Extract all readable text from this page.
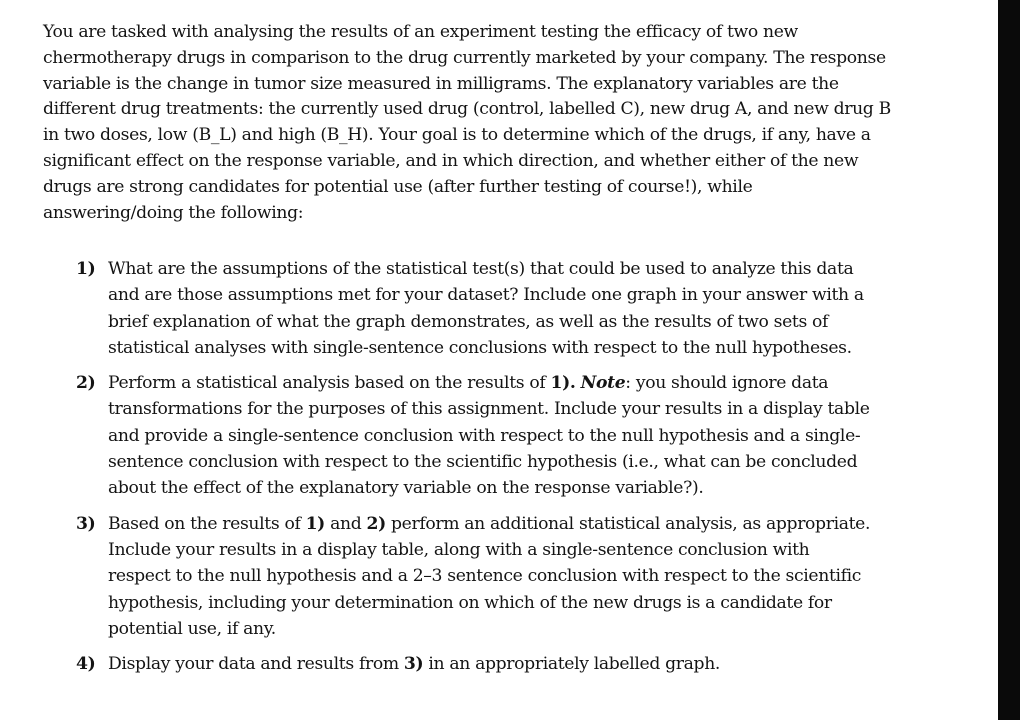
You are tasked with analysing the results of an experiment testing the efficacy of two new chermotherapy drugs in comparison to the drug currently marketed by your company. The response variable is the change in tumor size measured in milligrams. The explanatory variables are the different drug treatments: the currently used drug (control, labelled C), new drug A, and new drug B in two doses, low (B_L) and high (B_H). Your goal is to determine which of the drugs, if any, have a significant effect on the response variable, and in which direction, and whether either of the new drugs are strong candidates for potential use (after further testing of course!), while answering/doing the following:

1) What are the assumptions of the statistical test(s) that could be used to analyze this data and are those assumptions met for your dataset? Include one graph in your answer with a brief explanation of what the graph demonstrates, as well as the results of two sets of statistical analyses with single-sentence conclusions with respect to the null hypotheses.
2) Perform a statistical analysis based on the results of 1). Note: you should ignore data transformations for the purposes of this assignment. Include your results in a display table and provide a single-sentence conclusion with respect to the null hypothesis and a single-sentence conclusion with respect to the scientific hypothesis (i.e., what can be concluded about the effect of the explanatory variable on the response variable?).
3) Based on the results of 1) and 2) perform an additional statistical analysis, as appropriate. Include your results in a display table, along with a single-sentence conclusion with respect to the null hypothesis and a 2–3 sentence conclusion with respect to the scientific hypothesis, including your determination on which of the new drugs is a candidate for potential use, if any.
4) Display your data and results from 3) in an appropriately labelled graph.
